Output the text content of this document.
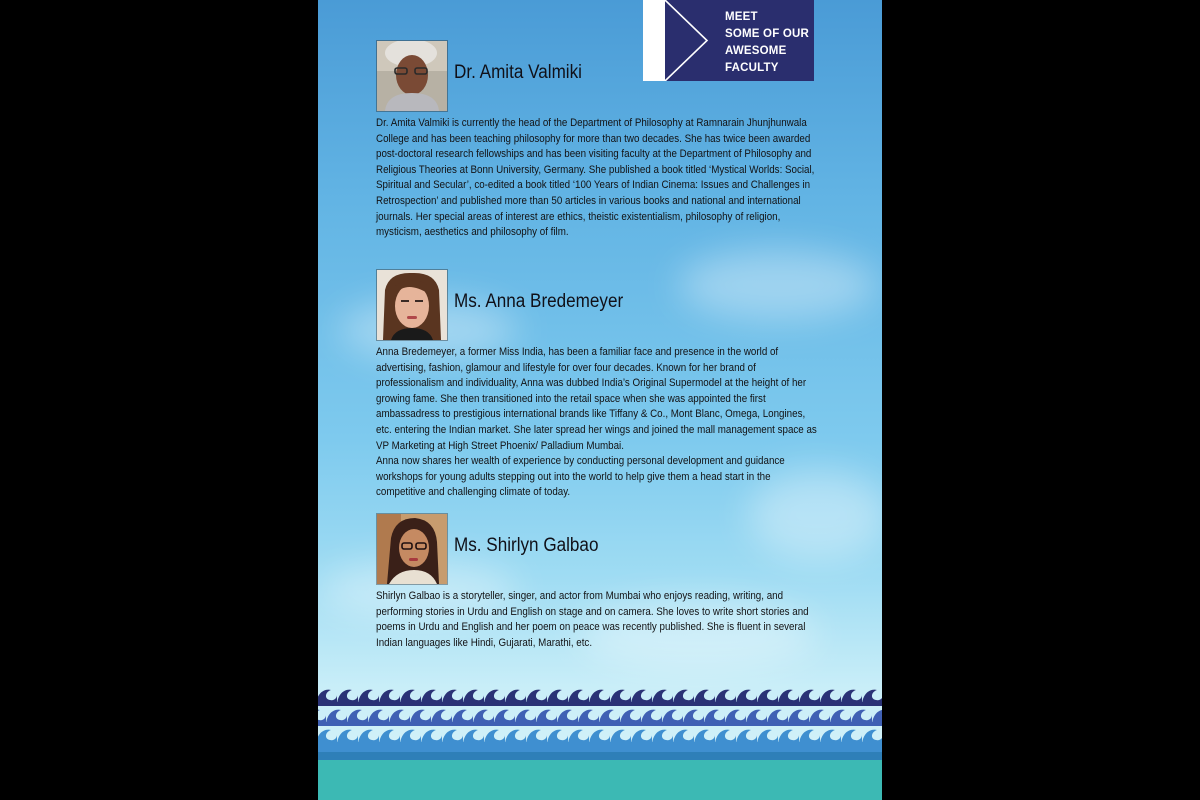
MEET
SOME OF OUR
AWESOME
FACULTY
Dr. Amita Valmiki

Dr. Amita Valmiki is currently the head of the Department of Philosophy at Ramnarain Jhunjhunwala College and has been teaching philosophy for more than two decades. She has twice been awarded post-doctoral research fellowships and has been visiting faculty at the Department of Philosophy and Religious Theories at Bonn University, Germany. She published a book titled ‘Mystical Worlds: Social, Spiritual and Secular’, co-edited a book titled ‘100 Years of Indian Cinema: Issues and Challenges in Retrospection’ and published more than 50 articles in various books and national and international journals. Her special areas of interest are ethics, theistic existentialism, philosophy of religion, mysticism, aesthetics and philosophy of film.

Ms. Anna Bredemeyer

Anna Bredemeyer, a former Miss India, has been a familiar face and presence in the world of advertising, fashion, glamour and lifestyle for over four decades. Known for her brand of professionalism and individuality, Anna was dubbed India’s Original Supermodel at the height of her growing fame. She then transitioned into the retail space when she was appointed the first ambassadress to prestigious international brands like Tiffany & Co., Mont Blanc, Omega, Longines, etc. entering the Indian market. She later spread her wings and joined the mall management space as VP Marketing at High Street Phoenix/ Palladium Mumbai.

Anna now shares her wealth of experience by conducting personal development and guidance workshops for young adults stepping out into the world to help give them a head start in the competitive and challenging climate of today.

Ms. Shirlyn Galbao

Shirlyn Galbao is a storyteller, singer, and actor from Mumbai who enjoys reading, writing, and performing stories in Urdu and English on stage and on camera. She loves to write short stories and poems in Urdu and English and her poem on peace was recently published. She is fluent in several Indian languages like Hindi, Gujarati, Marathi, etc.
